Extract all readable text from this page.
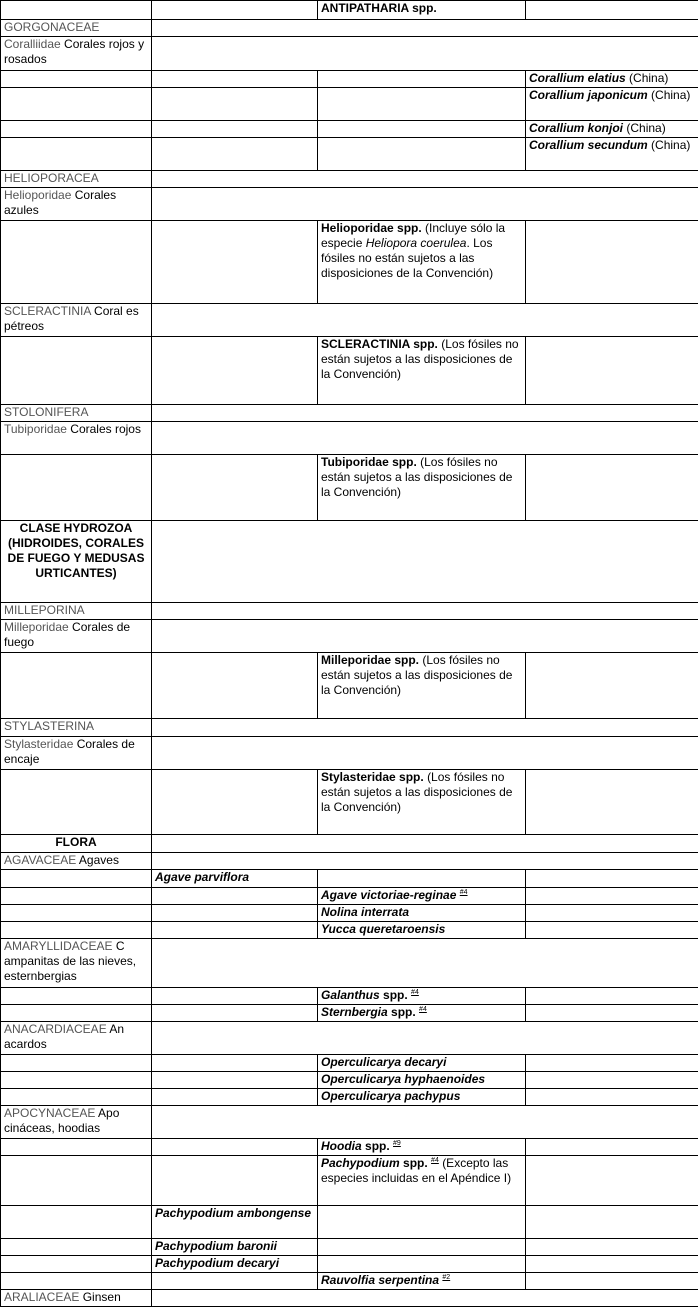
		ANTIPATHARIA spp.	
GORGONACEAE			
Coralliidae Corales rojos y rosados			
			Corallium elatius (China)
			Corallium japonicum (China)
			Corallium konjoi (China)
			Corallium secundum (China)
HELIOPORACEA			
Helioporidae Corales azules			
		Helioporidae spp. (Incluye sólo la especie Heliopora coerulea. Los fósiles no están sujetos a las disposiciones de la Convención)	
SCLERACTINIA Coral es pétreos			
		SCLERACTINIA spp. (Los fósiles no están sujetos a las disposiciones de la Convención)	
STOLONIFERA			
Tubiporidae Corales rojos			
		Tubiporidae spp. (Los fósiles no están sujetos a las disposiciones de la Convención)	
CLASE HYDROZOA (HIDROIDES, CORALES DE FUEGO Y MEDUSAS URTICANTES)			
MILLEPORINA			
Milleporidae Corales de fuego			
		Milleporidae spp. (Los fósiles no están sujetos a las disposiciones de la Convención)	
STYLASTERINA			
Stylasteridae Corales de encaje			
		Stylasteridae spp. (Los fósiles no están sujetos a las disposiciones de la Convención)	
FLORA			
AGAVACEAE Agaves			
	Agave parviflora		
		Agave victoriae-reginae $^{\#4}$	
		Nolina interrata	
		Yucca queretaroensis	
AMARYLLIDACEAE C ampanitas de las nieves, esternbergias			
		Galanthus spp. $^{\#4}$	
		Sternbergia spp. $^{\#4}$	
ANACARDIACEAE An acardos			
		Operculicarya decaryi	
		Operculicarya hyphaenoides	
		Operculicarya pachypus	
APOCYNACEAE Apo cináceas, hoodias			
		Hoodia spp. $^{\#9}$	
		Pachypodium spp. $^{\#4}$ (Excepto las especies incluidas en el Apéndice I)	
	Pachypodium ambongense		
	Pachypodium baronii		
	Pachypodium decaryi		
		Rauvolfia serpentina $^{\#2}$	
ARALIACEAE Ginsen			
